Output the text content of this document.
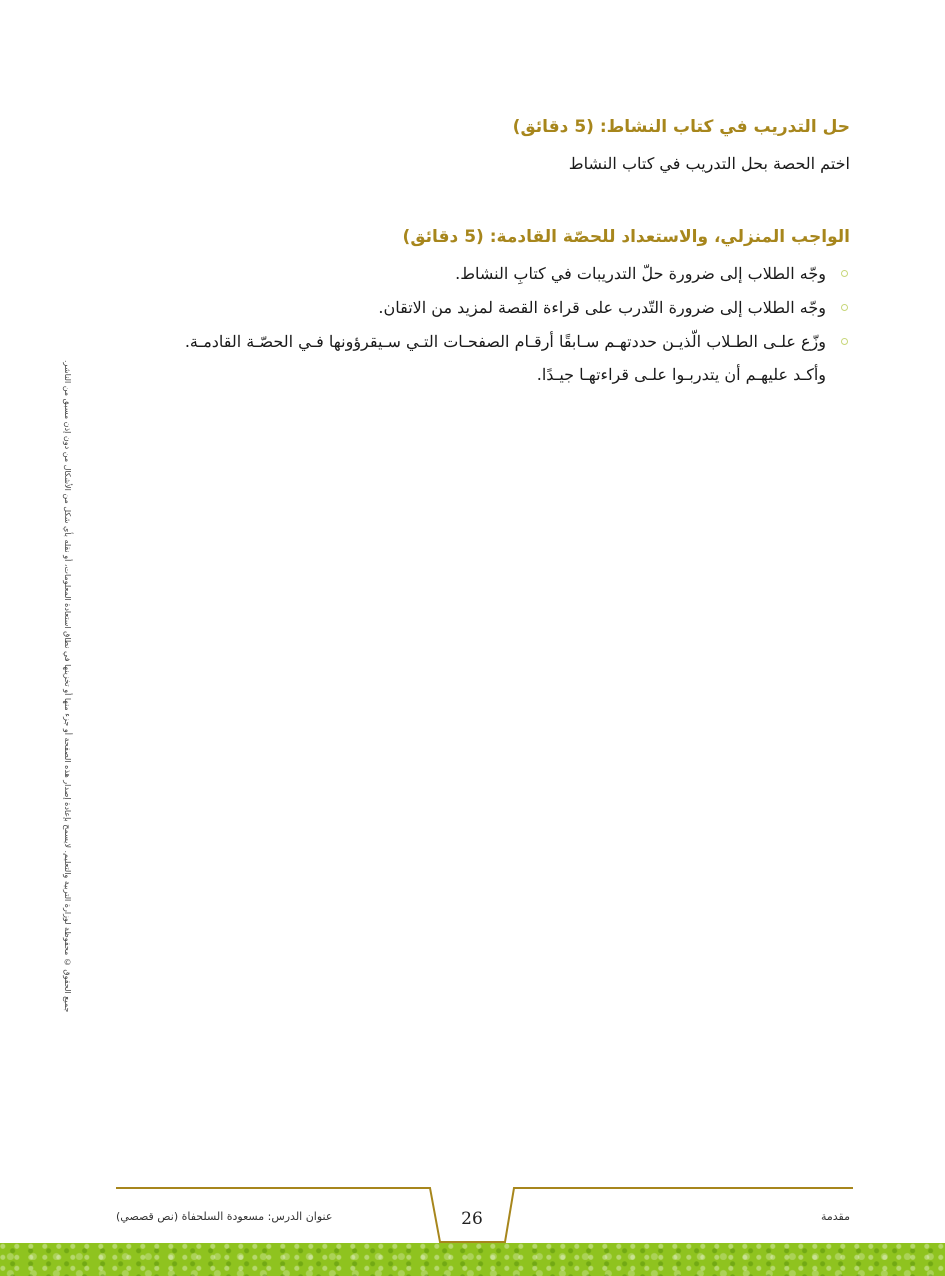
حل التدريب في كتاب النشاط: (5 دقائق)

اختم الحصة بحل التدريب في كتاب النشاط

الواجب المنزلي، والاستعداد للحصّة القادمة: (5 دقائق)
وجّه الطلاب إلى ضرورة حلّ التدريبات في كتابِ النشاط.
وجّه الطلاب إلى ضرورة التّدرب على قراءة القصة لمزيد من الاتقان.
وزّع علـى الطـلاب الّذيـن حددتهـم سـابقًا أرقـام الصفحـات التـي سـيقرؤونها فـي الحصّـة القادمـة.
وأكـد عليهـم أن يتدربـوا علـى قراءتهـا جيـدًا.
جميع الحقوق © محفوظة لوزارة التربية والتعليم. لايسمح بإعادة إصدار هذه الصفحة أو جزء منها أو تخزينها في نطاق استعادة المعلومات، أو نقله بأي شكل من الأشكال من دون إذن مسبق من الناشر.
عنوان الدرس: مسعودة السلحفاة (نص قصصي)	26	مقدمة
